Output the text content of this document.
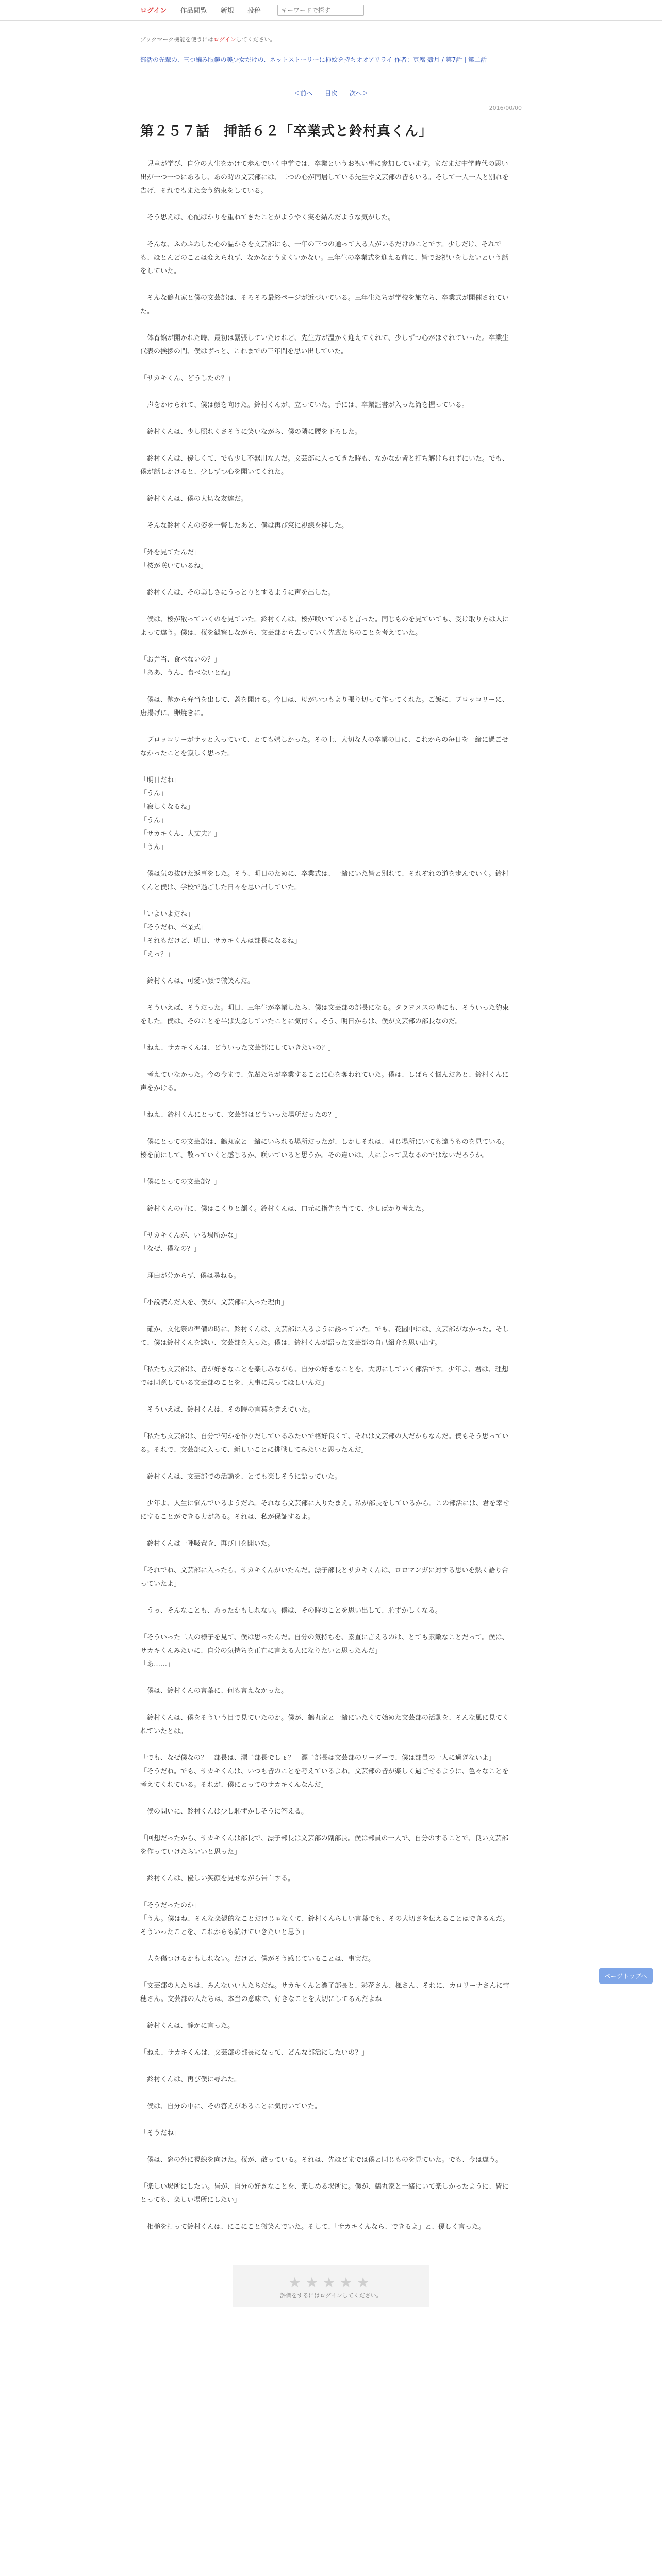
ログイン 作品閲覧 新規 投稿
キーワードで探す
ブックマーク機能を使うにはログインしてください。
部活の先輩の、三つ編み眼鏡の美少女だけの、ネットストーリーに挿絵を持ちオオアリライ 作者：豆腐 殻月 / 第7話 | 第二話
＜前へ 目次 次へ＞
2016/00/00
第２５７話　挿話６２「卒業式と鈴村真くん」

　児童が学び、自分の人生をかけて歩んでいく中学では、卒業というお祝い事に参加しています。まだまだ中学時代の思い出が一つ一つにあるし、あの時の文芸部には、二つの心が同居している先生や文芸部の皆もいる。そして一人一人と別れを告げ、それでもまた会う約束をしている。

　そう思えば、心配ばかりを重ねてきたことがようやく実を結んだような気がした。

　そんな、ふわふわした心の温かさを文芸部にも、一年の三つの通って入る人がいるだけのことです。少しだけ、それでも、ほとんどのことは変えられず、なかなかうまくいかない。三年生の卒業式を迎える前に、皆でお祝いをしたいという話をしていた。

　そんな鶴丸家と僕の文芸部は、そろそろ最終ページが近づいている。三年生たちが学校を旅立ち、卒業式が開催されていた。

　体育館が開かれた時、最初は緊張していたけれど、先生方が温かく迎えてくれて、少しずつ心がほぐれていった。卒業生代表の挨拶の間、僕はずっと、これまでの三年間を思い出していた。

「サカキくん、どうしたの？」

　声をかけられて、僕は顔を向けた。鈴村くんが、立っていた。手には、卒業証書が入った筒を握っている。

　鈴村くんは、少し照れくさそうに笑いながら、僕の隣に腰を下ろした。

　鈴村くんは、優しくて、でも少し不器用な人だ。文芸部に入ってきた時も、なかなか皆と打ち解けられずにいた。でも、僕が話しかけると、少しずつ心を開いてくれた。

　鈴村くんは、僕の大切な友達だ。

　そんな鈴村くんの姿を一瞥したあと、僕は再び窓に視線を移した。

「外を見てたんだ」

「桜が咲いているね」

　鈴村くんは、その美しさにうっとりとするように声を出した。

　僕は、桜が散っていくのを見ていた。鈴村くんは、桜が咲いていると言った。同じものを見ていても、受け取り方は人によって違う。僕は、桜を観察しながら、文芸部から去っていく先輩たちのことを考えていた。

「お弁当、食べないの？」

「ああ、うん、食べないとね」

　僕は、鞄から弁当を出して、蓋を開ける。今日は、母がいつもより張り切って作ってくれた。ご飯に、ブロッコリーに、唐揚げに、卵焼きに。

　ブロッコリーがサッと入っていて、とても嬉しかった。その上、大切な人の卒業の日に、これからの毎日を一緒に過ごせなかったことを寂しく思った。

「明日だね」

「うん」

「寂しくなるね」

「うん」

「サカキくん、大丈夫？」

「うん」

　僕は気の抜けた返事をした。そう、明日のために、卒業式は、一緒にいた皆と別れて、それぞれの道を歩んでいく。鈴村くんと僕は、学校で過ごした日々を思い出していた。

「いよいよだね」

「そうだね、卒業式」

「それもだけど、明日、サカキくんは部長になるね」

「えっ？」

　鈴村くんは、可愛い顔で微笑んだ。

　そういえば、そうだった。明日、三年生が卒業したら、僕は文芸部の部長になる。タラヨメスの時にも、そういった約束をした。僕は、そのことを半ば失念していたことに気付く。そう、明日からは、僕が文芸部の部長なのだ。

「ねえ、サカキくんは、どういった文芸部にしていきたいの？」

　考えていなかった。今の今まで、先輩たちが卒業することに心を奪われていた。僕は、しばらく悩んだあと、鈴村くんに声をかける。

「ねえ、鈴村くんにとって、文芸部はどういった場所だったの？」

　僕にとっての文芸部は、鶴丸家と一緒にいられる場所だったが、しかしそれは、同じ場所にいても違うものを見ている。桜を前にして、散っていくと感じるか、咲いていると思うか。その違いは、人によって異なるのではないだろうか。

「僕にとっての文芸部？」

　鈴村くんの声に、僕はこくりと頷く。鈴村くんは、口元に指先を当てて、少しばかり考えた。

「サカキくんが、いる場所かな」

「なぜ、僕なの？」

　理由が分からず、僕は尋ねる。

「小説読んだ人を、僕が、文芸部に入った理由」

　確か、文化祭の準備の時に、鈴村くんは、文芸部に入るように誘っていた。でも、花園中には、文芸部がなかった。そして、僕は鈴村くんを誘い、文芸部を入った。僕は、鈴村くんが語った文芸部の自己紹介を思い出す。

「私たち文芸部は、皆が好きなことを楽しみながら、自分の好きなことを、大切にしていく部活です。少年よ、君は、理想では同意している文芸部のことを、大事に思ってほしいんだ」

　そういえば、鈴村くんは、その時の言葉を覚えていた。

「私たち文芸部は、自分で何かを作りだしているみたいで格好良くて、それは文芸部の人だからなんだ。僕もそう思っている。それで、文芸部に入って、新しいことに挑戦してみたいと思ったんだ」

　鈴村くんは、文芸部での活動を、とても楽しそうに語っていた。

　少年よ、人生に悩んでいるようだね。それなら文芸部に入りたまえ。私が部長をしているから。この部活には、君を幸せにすることができる力がある。それは、私が保証するよ。

　鈴村くんは一呼吸置き、再び口を開いた。

「それでね、文芸部に入ったら、サカキくんがいたんだ。漂子部長とサカキくんは、ロロマンガに対する思いを熱く語り合っていたよ」

　うっ、そんなことも、あったかもしれない。僕は、その時のことを思い出して、恥ずかしくなる。

「そういった二人の様子を見て、僕は思ったんだ。自分の気持ちを、素直に言えるのは、とても素敵なことだって。僕は、サカキくんみたいに、自分の気持ちを正直に言える人になりたいと思ったんだ」

「あ……」

　僕は、鈴村くんの言葉に、何も言えなかった。

　鈴村くんは、僕をそういう目で見ていたのか。僕が、鶴丸家と一緒にいたくて始めた文芸部の活動を、そんな風に見てくれていたとは。

「でも、なぜ僕なの？　部長は、漂子部長でしょ？　漂子部長は文芸部のリーダーで、僕は部員の一人に過ぎないよ」

「そうだね。でも、サカキくんは、いつも皆のことを考えているよね。文芸部の皆が楽しく過ごせるように、色々なことを考えてくれている。それが、僕にとってのサカキくんなんだ」

　僕の問いに、鈴村くんは少し恥ずかしそうに答える。

「回想だったから、サカキくんは部長で、漂子部長は文芸部の副部長。僕は部員の一人で、自分のすることで、良い文芸部を作っていけたらいいと思った」

　鈴村くんは、優しい笑顔を見せながら告白する。

「そうだったのか」

「うん。僕はね、そんな楽観的なことだけじゃなくて、鈴村くんらしい言葉でも、その大切さを伝えることはできるんだ。そういったことを、これからも続けていきたいと思う」

　人を傷つけるかもしれない。だけど、僕がそう感じていることは、事実だ。

「文芸部の人たちは、みんないい人たちだね。サカキくんと漂子部長と、彩花さん、楓さん、それに、カロリーナさんに雪穂さん。文芸部の人たちは、本当の意味で、好きなことを大切にしてるんだよね」

　鈴村くんは、静かに言った。

「ねえ、サカキくんは、文芸部の部長になって、どんな部活にしたいの？」

　鈴村くんは、再び僕に尋ねた。

　僕は、自分の中に、その答えがあることに気付いていた。

「そうだね」

　僕は、窓の外に視線を向けた。桜が、散っている。それは、先ほどまでは僕と同じものを見ていた。でも、今は違う。

「楽しい場所にしたい。皆が、自分の好きなことを、楽しめる場所に。僕が、鶴丸家と一緒にいて楽しかったように、皆にとっても、楽しい場所にしたい」

　相槌を打って鈴村くんは、にこにこと微笑んでいた。そして、「サカキくんなら、できるよ」と、優しく言った。

★★★★★
評価をするにはログインしてください。
ページトップへ
